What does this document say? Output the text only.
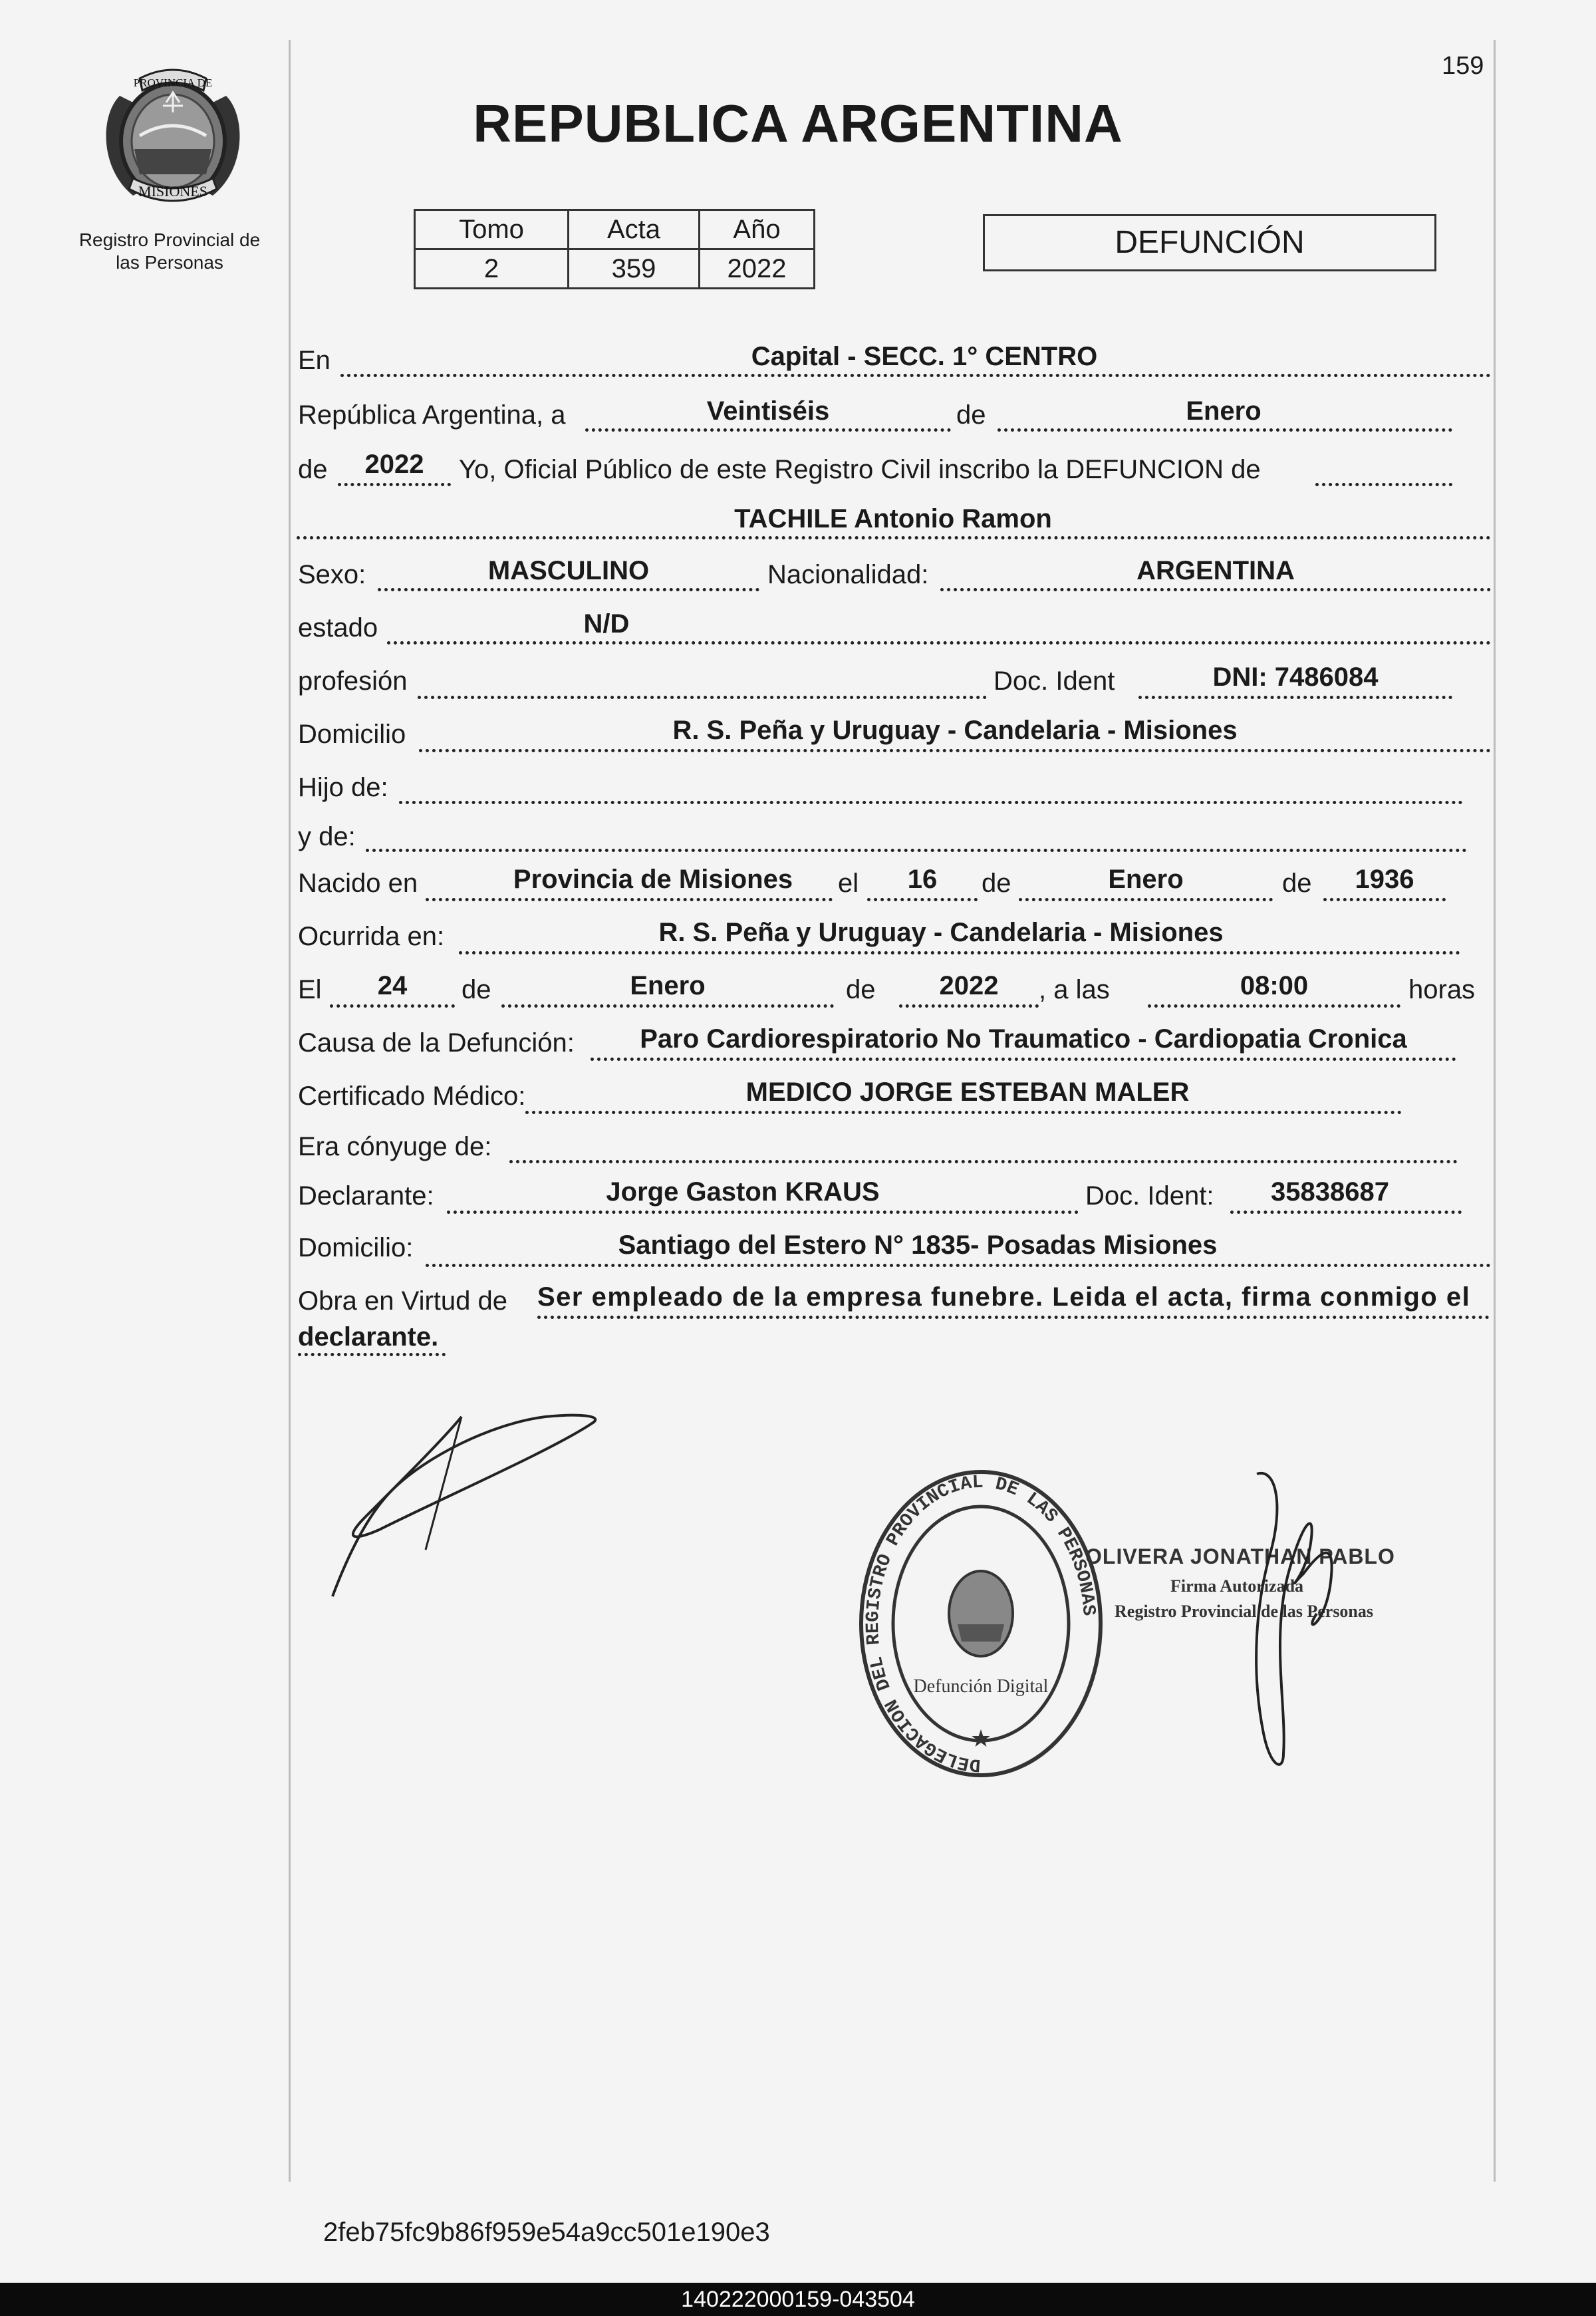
159
PROVINCIA DE
MISIONES
Registro Provincial de
las Personas
REPUBLICA ARGENTINA
Tomo	Acta	Año
2	359	2022
DEFUNCIÓN
En	Capital - SECC. 1° CENTRO
República Argentina, a	Veintiséis	de	Enero
de	2022	Yo, Oficial Público de este Registro Civil inscribo la DEFUNCION de
TACHILE Antonio Ramon
Sexo:	MASCULINO	Nacionalidad:	ARGENTINA
estado	N/D
profesión	Doc. Ident	DNI: 7486084
Domicilio	R. S. Peña y Uruguay - Candelaria - Misiones
Hijo de:
y de:
Nacido en	Provincia de Misiones	el	16	de	Enero	de	1936
Ocurrida en:	R. S. Peña y Uruguay - Candelaria - Misiones
El	24	de	Enero	de	2022	, a las	08:00	horas
Causa de la Defunción:	Paro Cardiorespiratorio No Traumatico - Cardiopatia Cronica
Certificado Médico:	MEDICO JORGE ESTEBAN MALER
Era cónyuge de:
Declarante:	Jorge Gaston KRAUS	Doc. Ident:	35838687
Domicilio:	Santiago del Estero N° 1835- Posadas Misiones
Obra en Virtud de Ser empleado de la empresa funebre. Leida el acta, firma conmigo el
declarante.
DELEGACION DEL REGISTRO PROVINCIAL DE LAS PERSONAS
Defunción Digital
★
OLIVERA JONATHAN PABLO
Firma Autorizada
Registro Provincial de las Personas
2feb75fc9b86f959e54a9cc501e190e3
140222000159-043504
